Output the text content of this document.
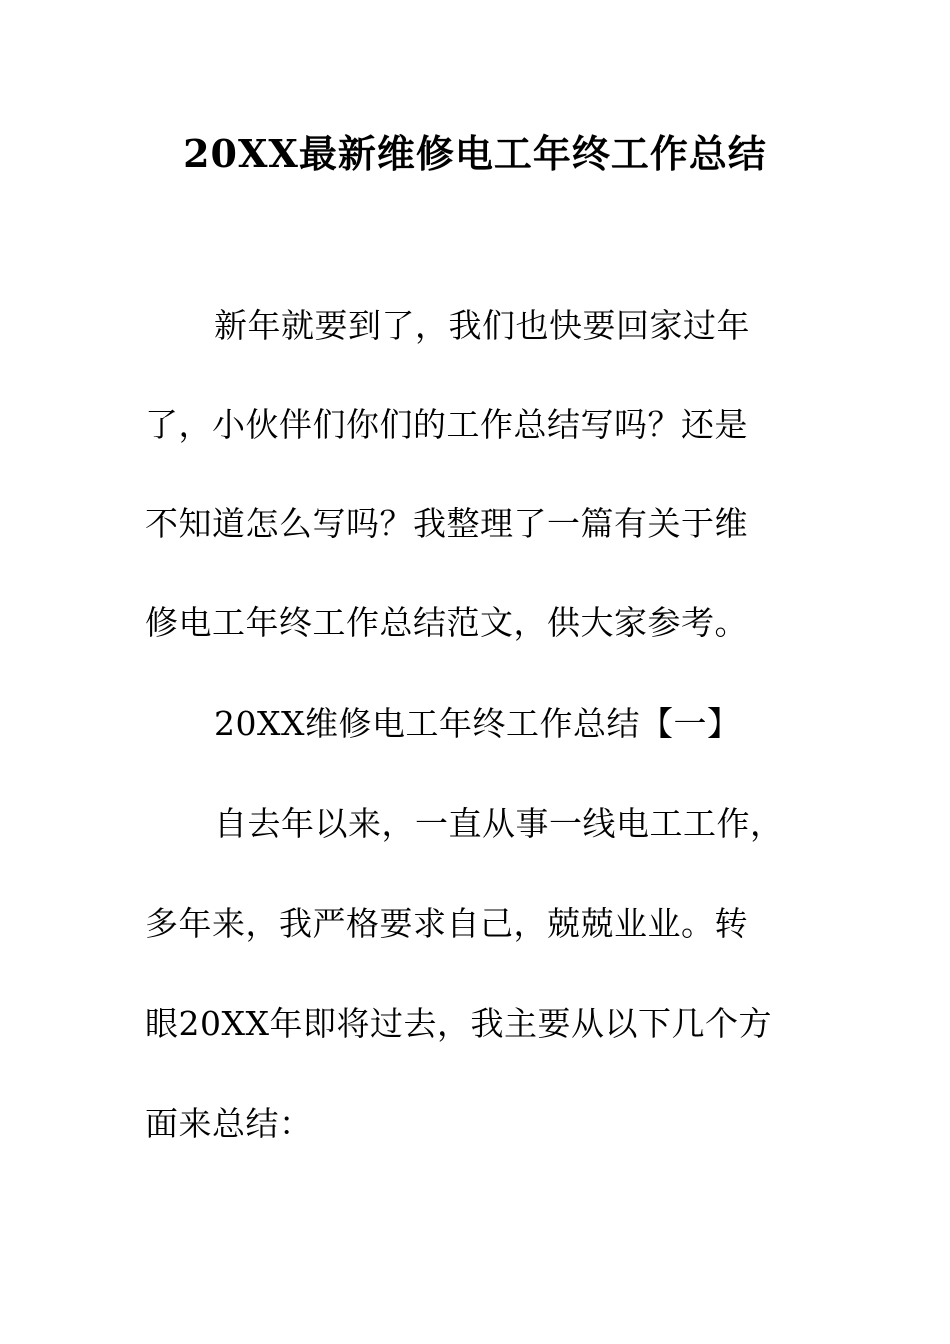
20XX最新维修电工年终工作总结
新年就要到了，我们也快要回家过年
了，小伙伴们你们的工作总结写吗？还是
不知道怎么写吗？我整理了一篇有关于维
修电工年终工作总结范文，供大家参考。
20XX维修电工年终工作总结【一】
自去年以来，一直从事一线电工工作，
多年来，我严格要求自己，兢兢业业。转
眼20XX年即将过去，我主要从以下几个方
面来总结：
